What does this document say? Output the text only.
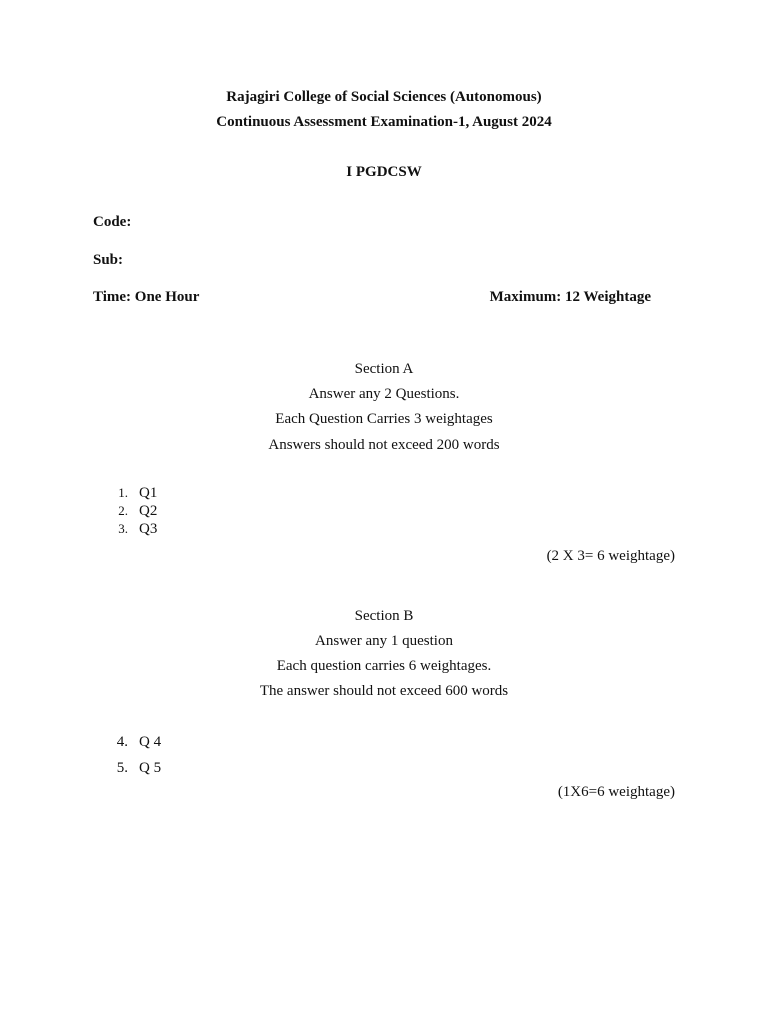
Rajagiri College of Social Sciences (Autonomous)
Continuous Assessment Examination-1, August 2024
I PGDCSW
Code:
Sub:
Time: One Hour	Maximum: 12 Weightage
Section A
Answer any 2 Questions.
Each Question Carries 3 weightages
Answers should not exceed 200 words
1. Q1
2. Q2
3. Q3
(2 X 3= 6 weightage)
Section B
Answer any 1 question
Each question carries 6 weightages.
The answer should not exceed 600 words
4. Q 4
5. Q 5
(1X6=6 weightage)
